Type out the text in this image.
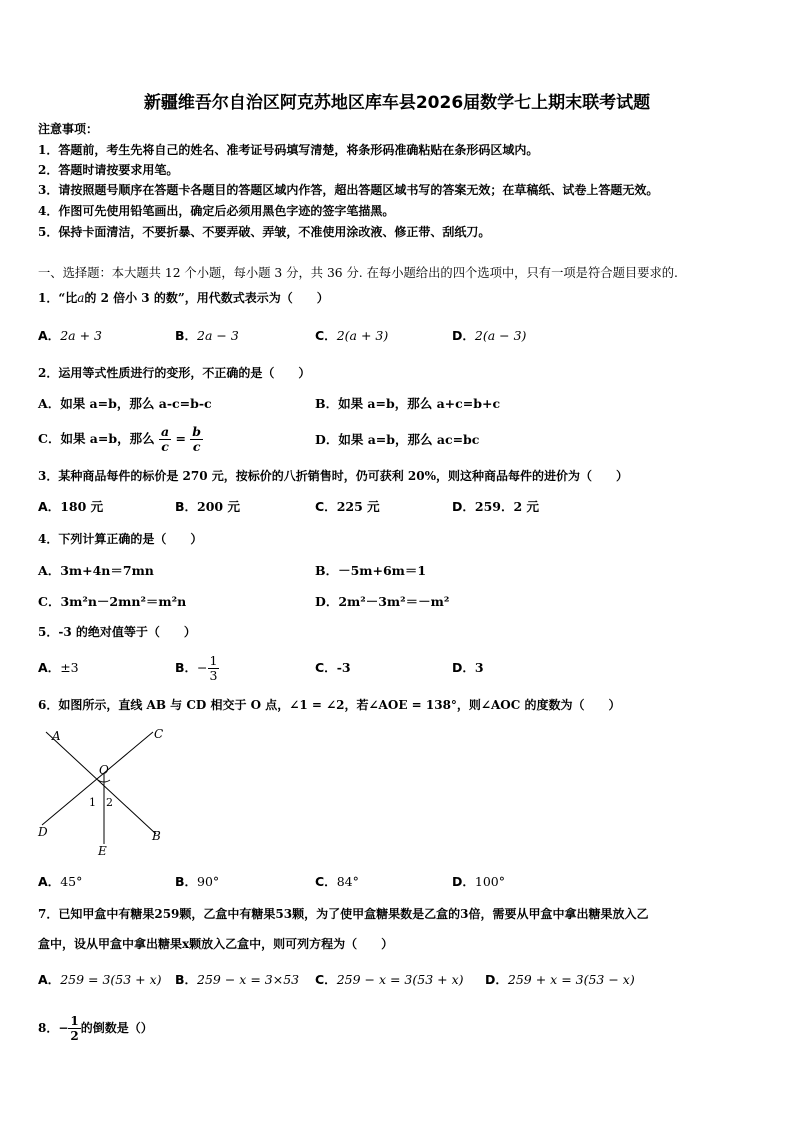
新疆维吾尔自治区阿克苏地区库车县2026届数学七上期末联考试题
注意事项：
1．答题前，考生先将自己的姓名、准考证号码填写清楚，将条形码准确粘贴在条形码区域内。
2．答题时请按要求用笔。
3．请按照题号顺序在答题卡各题目的答题区域内作答，超出答题区域书写的答案无效；在草稿纸、试卷上答题无效。
4．作图可先使用铅笔画出，确定后必须用黑色字迹的签字笔描黑。
5．保持卡面清洁，不要折暴、不要弄破、弄皱，不准使用涂改液、修正带、刮纸刀。
一、选择题：本大题共 12 个小题，每小题 3 分，共 36 分. 在每小题给出的四个选项中，只有一项是符合题目要求的.
1．“比a的 2 倍小 3 的数”，用代数式表示为（　　）
A．2a + 3	B．2a − 3	C．2(a + 3)	D．2(a − 3)
2．运用等式性质进行的变形，不正确的是（　　）
A．如果 a=b，那么 a-c=b-c	B．如果 a=b，那么 a+c=b+c
C．如果 a=b，那么 $\frac{a}{c} = \frac{b}{c}$	D．如果 a=b，那么 ac=bc
3．某种商品每件的标价是 270 元，按标价的八折销售时，仍可获利 20%，则这种商品每件的进价为（　　）
A．180 元	B．200 元	C．225 元	D．259．2 元
4．下列计算正确的是（　　）
A．3m+4n＝7mn	B．－5m+6m＝1
C．3m²n－2mn²＝m²n	D．2m²－3m²＝－m²
5．-3 的绝对值等于（　　）
A．±3	B．− $\frac{1}{3}$	C．-3	D．3
6．如图所示，直线 AB 与 CD 相交于 O 点，∠1 = ∠2，若∠AOE = 138°，则∠AOC 的度数为（　　）
A	C
O
1 2
D	B
E
A．45°	B．90°	C．84°	D．100°
7．已知甲盒中有糖果259颗，乙盒中有糖果53颗，为了使甲盒糖果数是乙盒的3倍，需要从甲盒中拿出糖果放入乙
盒中，设从甲盒中拿出糖果x颗放入乙盒中，则可列方程为（　　）
A．259 = 3(53 + x) B．259 − x = 3×53 C．259 − x = 3(53 + x) D．259 + x = 3(53 − x)
8．− $\frac{1}{2}$ 的倒数是（）
